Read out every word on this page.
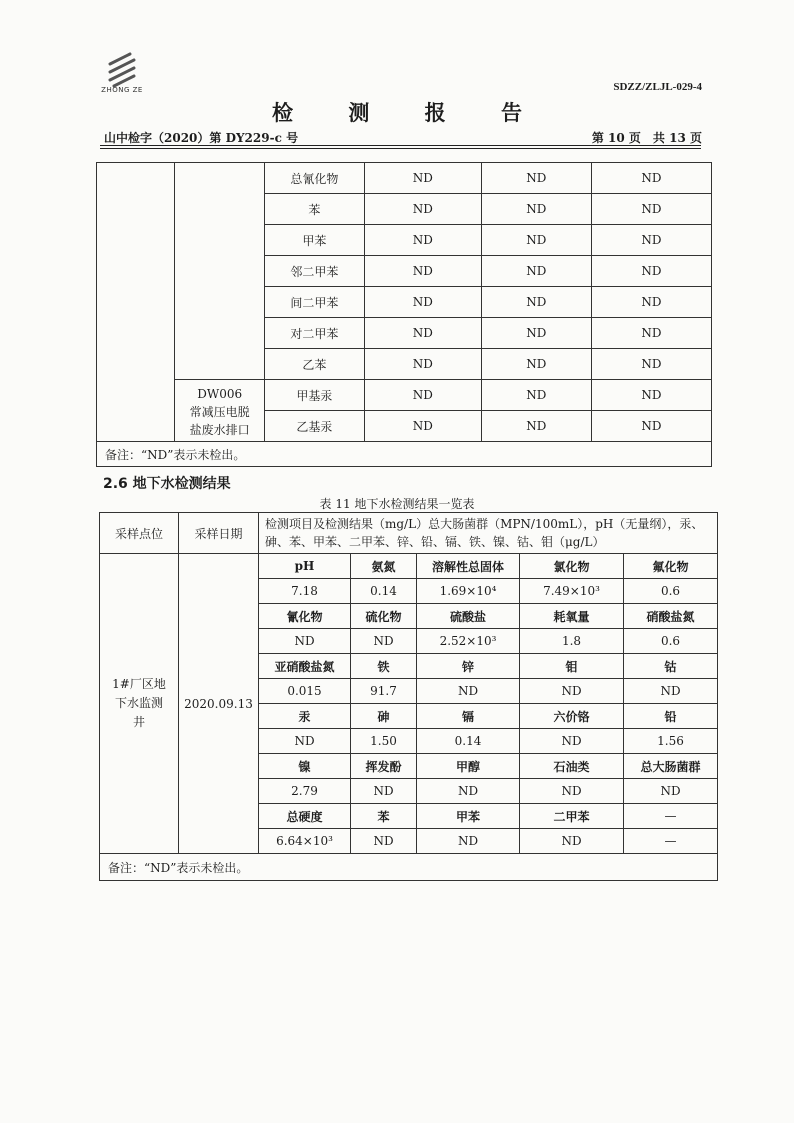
ZHONG ZE	SDZZ/ZLJL-029-4
检 测 报 告
山中检字（2020）第 DY229-c 号	第 10 页　共 13 页
		总氰化物	ND	ND	ND
		苯	ND	ND	ND
		甲苯	ND	ND	ND
		邻二甲苯	ND	ND	ND
		间二甲苯	ND	ND	ND
		对二甲苯	ND	ND	ND
		乙苯	ND	ND	ND

	DW006
常减压电脱
盐废水排口	甲基汞	ND	ND	ND
		乙基汞	ND	ND	ND
备注：“ND”表示未检出。					
2.6 地下水检测结果
表 11 地下水检测结果一览表
采样点位	采样日期	检测项目及检测结果（mg/L）总大肠菌群（MPN/100mL），pH（无量纲），汞、砷、苯、甲苯、二甲苯、锌、铅、镉、铁、镍、钴、钼（μg/L）				

1#厂区地
下水监测
井	2020.09.13	pH	氨氮	溶解性总固体	氯化物	氟化物
		7.18	0.14	1.69×10⁴	7.49×10³	0.6
		氰化物	硫化物	硫酸盐	耗氧量	硝酸盐氮
		ND	ND	2.52×10³	1.8	0.6
		亚硝酸盐氮	铁	锌	钼	钴
		0.015	91.7	ND	ND	ND
		汞	砷	镉	六价铬	铅
		ND	1.50	0.14	ND	1.56
		镍	挥发酚	甲醇	石油类	总大肠菌群
		2.79	ND	ND	ND	ND
		总硬度	苯	甲苯	二甲苯	—
		6.64×10³	ND	ND	ND	—
备注：“ND”表示未检出。						
